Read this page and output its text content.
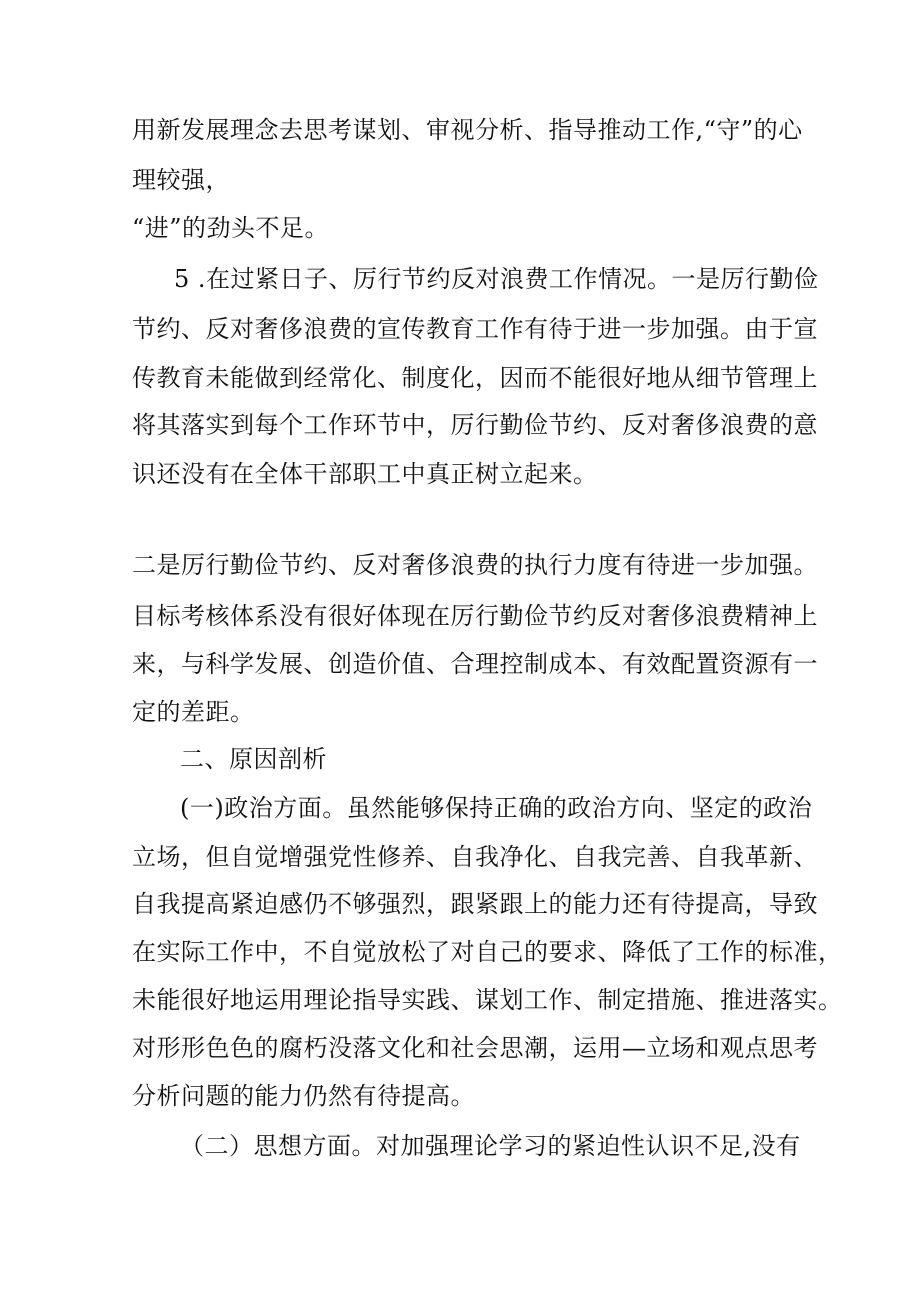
用新发展理念去思考谋划、审视分析、指导推动工作,“守”的心
理较强，
“进”的劲头不足。
5 .在过紧日子、厉行节约反对浪费工作情况。一是厉行勤俭
节约、反对奢侈浪费的宣传教育工作有待于进一步加强。由于宣
传教育未能做到经常化、制度化，因而不能很好地从细节管理上
将其落实到每个工作环节中，厉行勤俭节约、反对奢侈浪费的意
识还没有在全体干部职工中真正树立起来。
二是厉行勤俭节约、反对奢侈浪费的执行力度有待进一步加强。
目标考核体系没有很好体现在厉行勤俭节约反对奢侈浪费精神上
来，与科学发展、创造价值、合理控制成本、有效配置资源有一
定的差距。
二、原因剖析
(一)政治方面。虽然能够保持正确的政治方向、坚定的政治
立场，但自觉增强党性修养、自我净化、自我完善、自我革新、
自我提高紧迫感仍不够强烈，跟紧跟上的能力还有待提高，导致
在实际工作中，不自觉放松了对自己的要求、降低了工作的标准，
未能很好地运用理论指导实践、谋划工作、制定措施、推进落实。
对形形色色的腐朽没落文化和社会思潮，运用—立场和观点思考
分析问题的能力仍然有待提高。
（二）思想方面。对加强理论学习的紧迫性认识不足,没有
